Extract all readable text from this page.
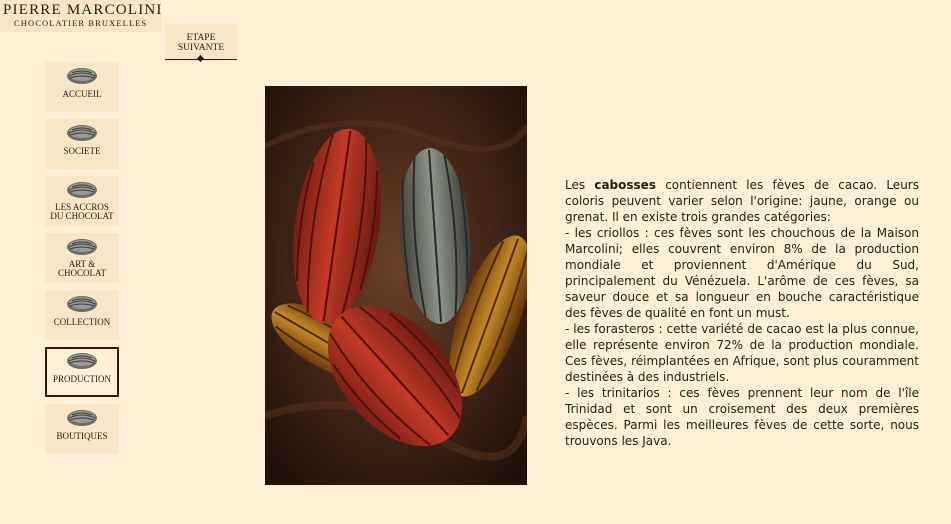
PIERRE MARCOLINI
CHOCOLATIER BRUXELLES
ETAPE
SUIVANTE
ACCUEIL
SOCIETE
LES ACCROS
DU CHOCOLAT
ART &
CHOCOLAT
COLLECTION
PRODUCTION
BOUTIQUES

Les cabosses contiennent les fèves de cacao. Leurs coloris peuvent varier selon l'origine: jaune, orange ou grenat. Il en existe trois grandes catégories:

- les criollos : ces fèves sont les chouchous de la Maison Marcolini; elles couvrent environ 8% de la production mondiale et proviennent d'Amérique du Sud, principalement du Vénézuela. L'arôme de ces fèves, sa saveur douce et sa longueur en bouche caractéristique des fèves de qualité en font un must.

- les forasteros : cette variété de cacao est la plus connue, elle représente environ 72% de la production mondiale. Ces fèves, réimplantées en Afrique, sont plus couramment destinées à des industriels.

- les trinitarios : ces fèves prennent leur nom de l'île Trinidad et sont un croisement des deux premières espèces. Parmi les meilleures fèves de cette sorte, nous trouvons les Java.
